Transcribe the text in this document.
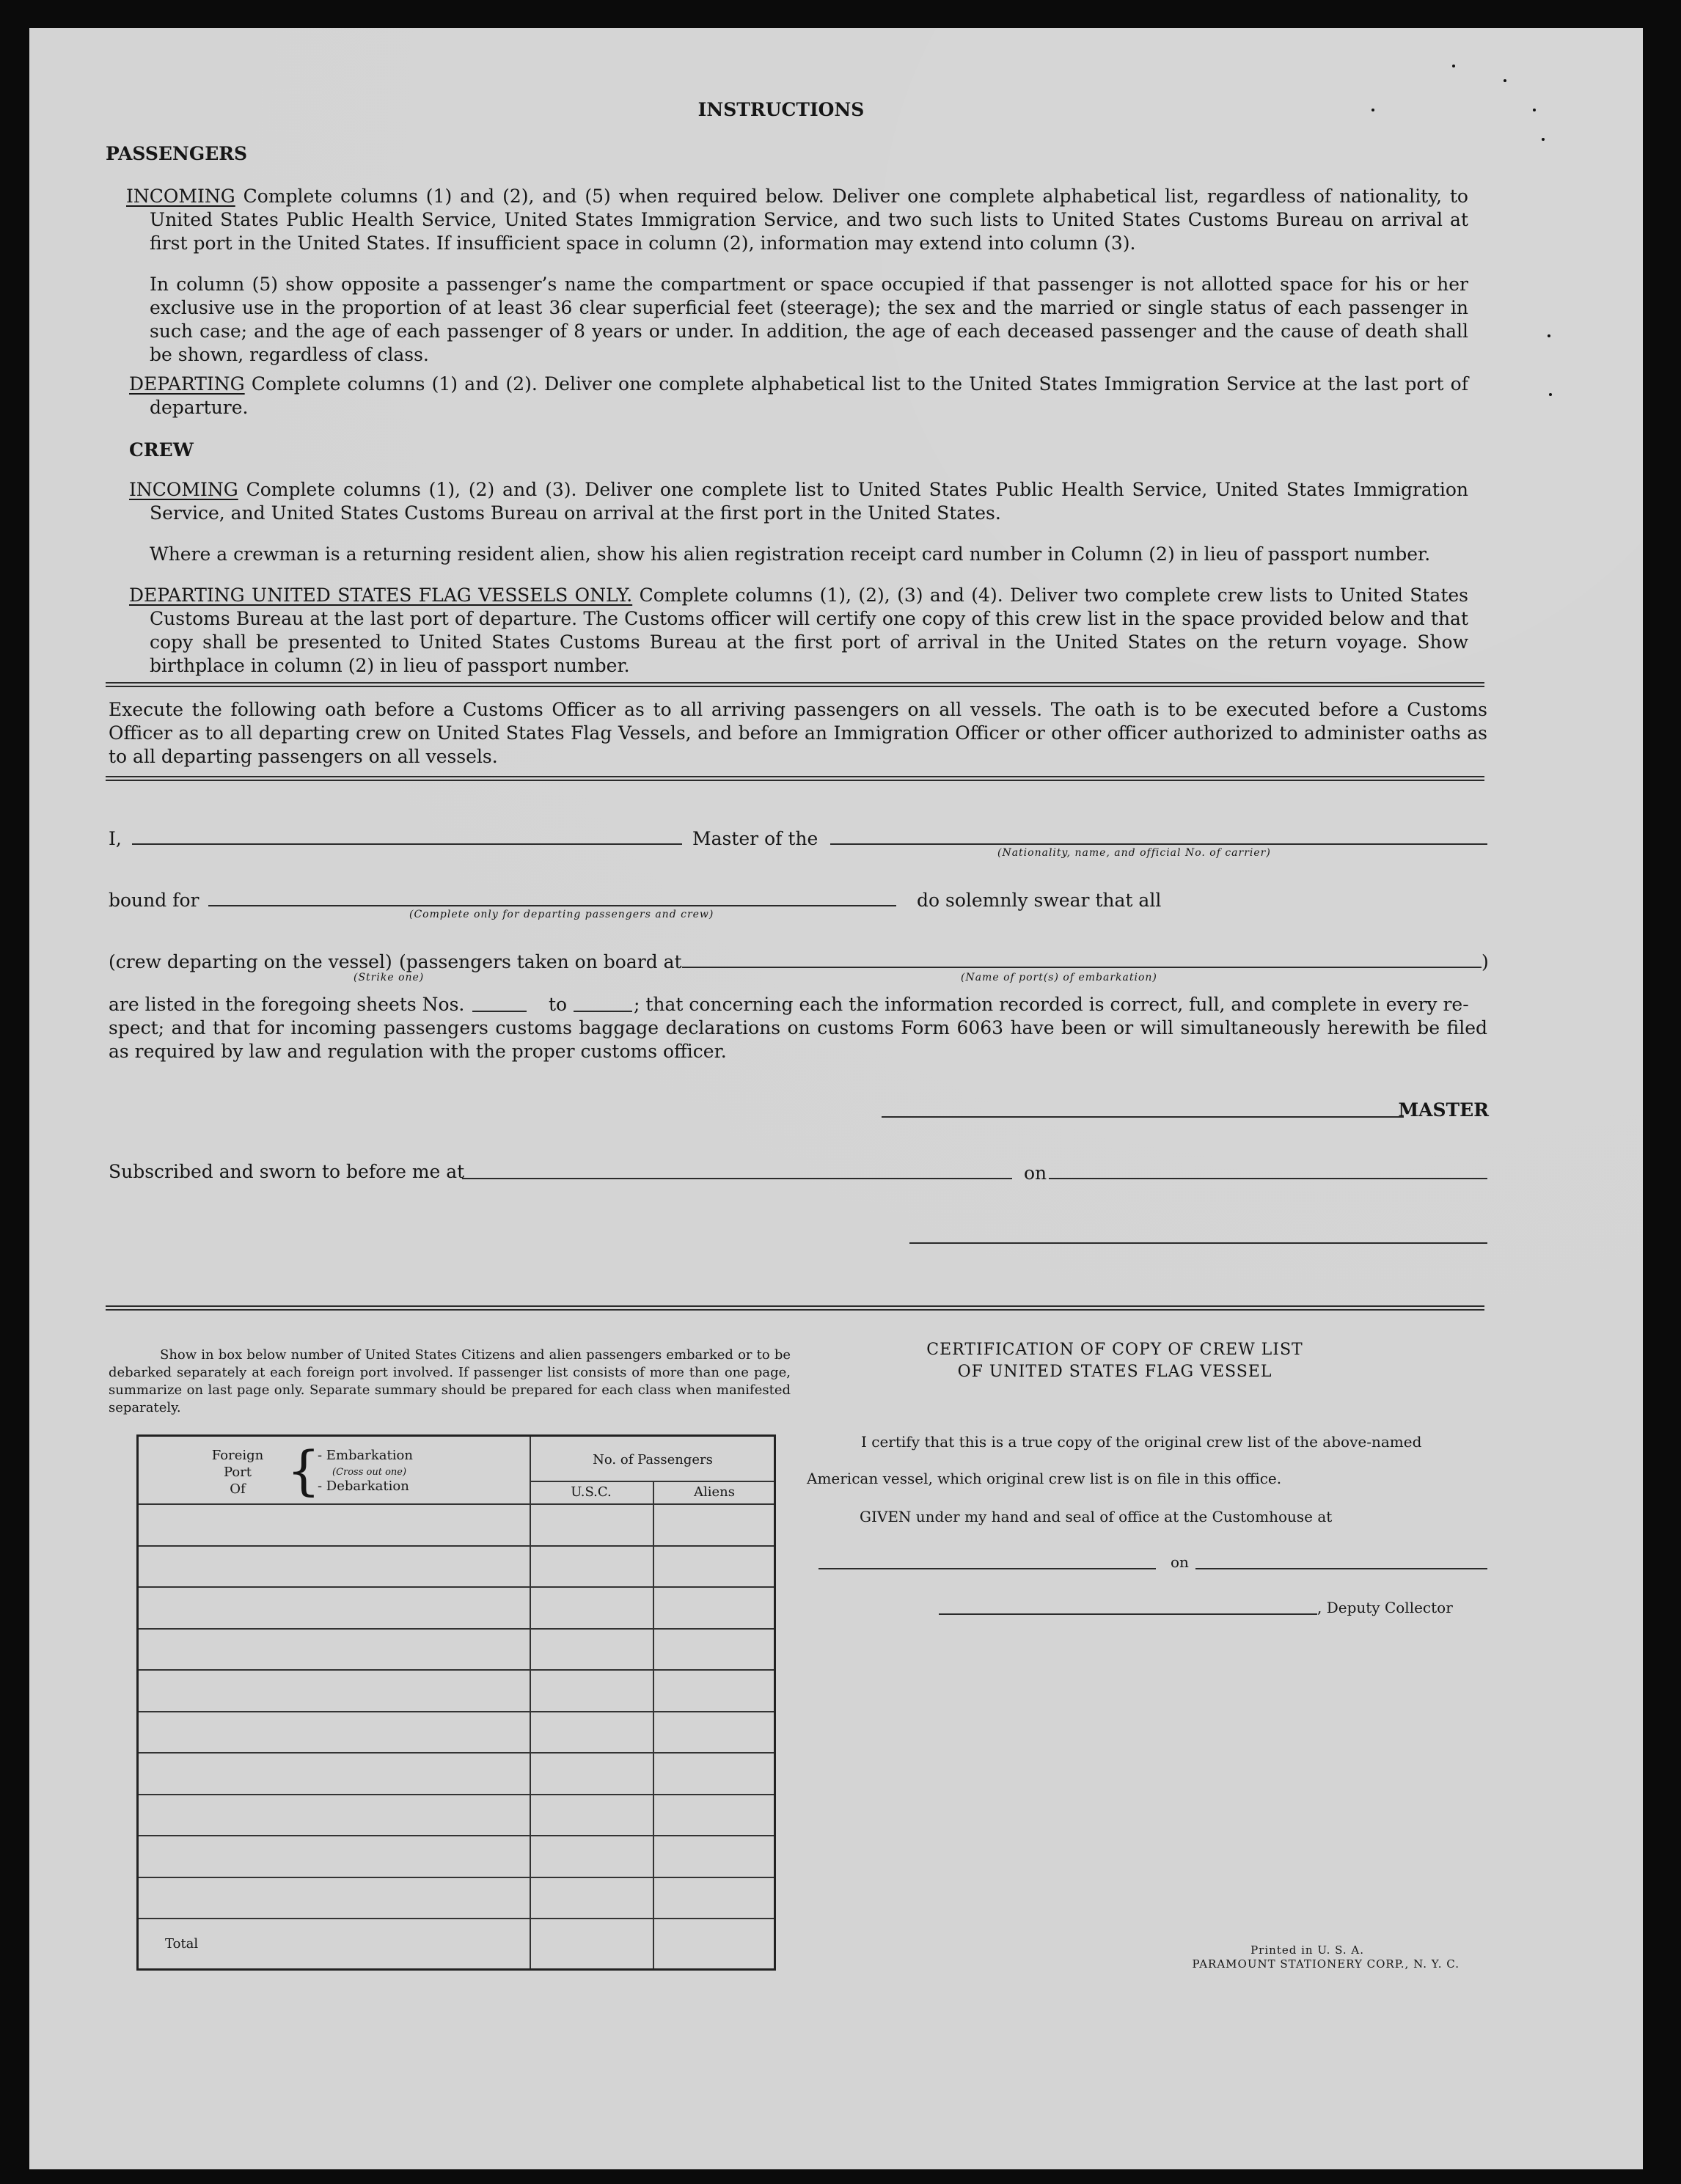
INSTRUCTIONS
PASSENGERS

INCOMING Complete columns (1) and (2), and (5) when required below. Deliver one complete alphabetical list, regardless of nationality, to United States Public Health Service, United States Immigration Service, and two such lists to United States Customs Bureau on arrival at first port in the United States. If insufficient space in column (2), information may extend into column (3).

In column (5) show opposite a passenger’s name the compartment or space occupied if that passenger is not allotted space for his or her exclusive use in the proportion of at least 36 clear superficial feet (steerage); the sex and the married or single status of each passenger in such case; and the age of each passenger of 8 years or under. In addition, the age of each deceased passenger and the cause of death shall be shown, regardless of class.

DEPARTING Complete columns (1) and (2). Deliver one complete alphabetical list to the United States Immigration Service at the last port of departure.

CREW

INCOMING Complete columns (1), (2) and (3). Deliver one complete list to United States Public Health Service, United States Immigration Service, and United States Customs Bureau on arrival at the first port in the United States.

Where a crewman is a returning resident alien, show his alien registration receipt card number in Column (2) in lieu of passport number.

DEPARTING UNITED STATES FLAG VESSELS ONLY. Complete columns (1), (2), (3) and (4). Deliver two complete crew lists to United States Customs Bureau at the last port of departure. The Customs officer will certify one copy of this crew list in the space provided below and that copy shall be presented to United States Customs Bureau at the first port of arrival in the United States on the return voyage. Show birthplace in column (2) in lieu of passport number.

Execute the following oath before a Customs Officer as to all arriving passengers on all vessels. The oath is to be executed before a Customs Officer as to all departing crew on United States Flag Vessels, and before an Immigration Officer or other officer authorized to administer oaths as to all departing passengers on all vessels.
I,	Master of the
(Nationality, name, and official No. of carrier)
bound for
(Complete only for departing passengers and crew)
do solemnly swear that all
(crew departing on the vessel) (passengers taken on board at
(Strike one)	(Name of port(s) of embarkation)
)
are listed in the foregoing sheets Nos.	to	; that concerning each the information recorded is correct, full, and complete in every re-
spect; and that for incoming passengers customs baggage declarations on customs Form 6063 have been or will simultaneously herewith be filed as required by law and regulation with the proper customs officer.
MASTER
Subscribed and sworn to before me at	on
Show in box below number of United States Citizens and alien passengers embarked or to be debarked separately at each foreign port involved. If passenger list consists of more than one page, summarize on last page only. Separate summary should be prepared for each class when manifested separately.
Foreign
Port
Of {
- Embarkation
(Cross out one)
- Debarkation
No. of Passengers
U.S.C.	Aliens
Total
CERTIFICATION OF COPY OF CREW LIST
OF UNITED STATES FLAG VESSEL
I certify that this is a true copy of the original crew list of the above-named
American vessel, which original crew list is on file in this office.
GIVEN under my hand and seal of office at the Customhouse at
on
, Deputy Collector
Printed in U. S. A.
PARAMOUNT STATIONERY CORP., N. Y. C.
